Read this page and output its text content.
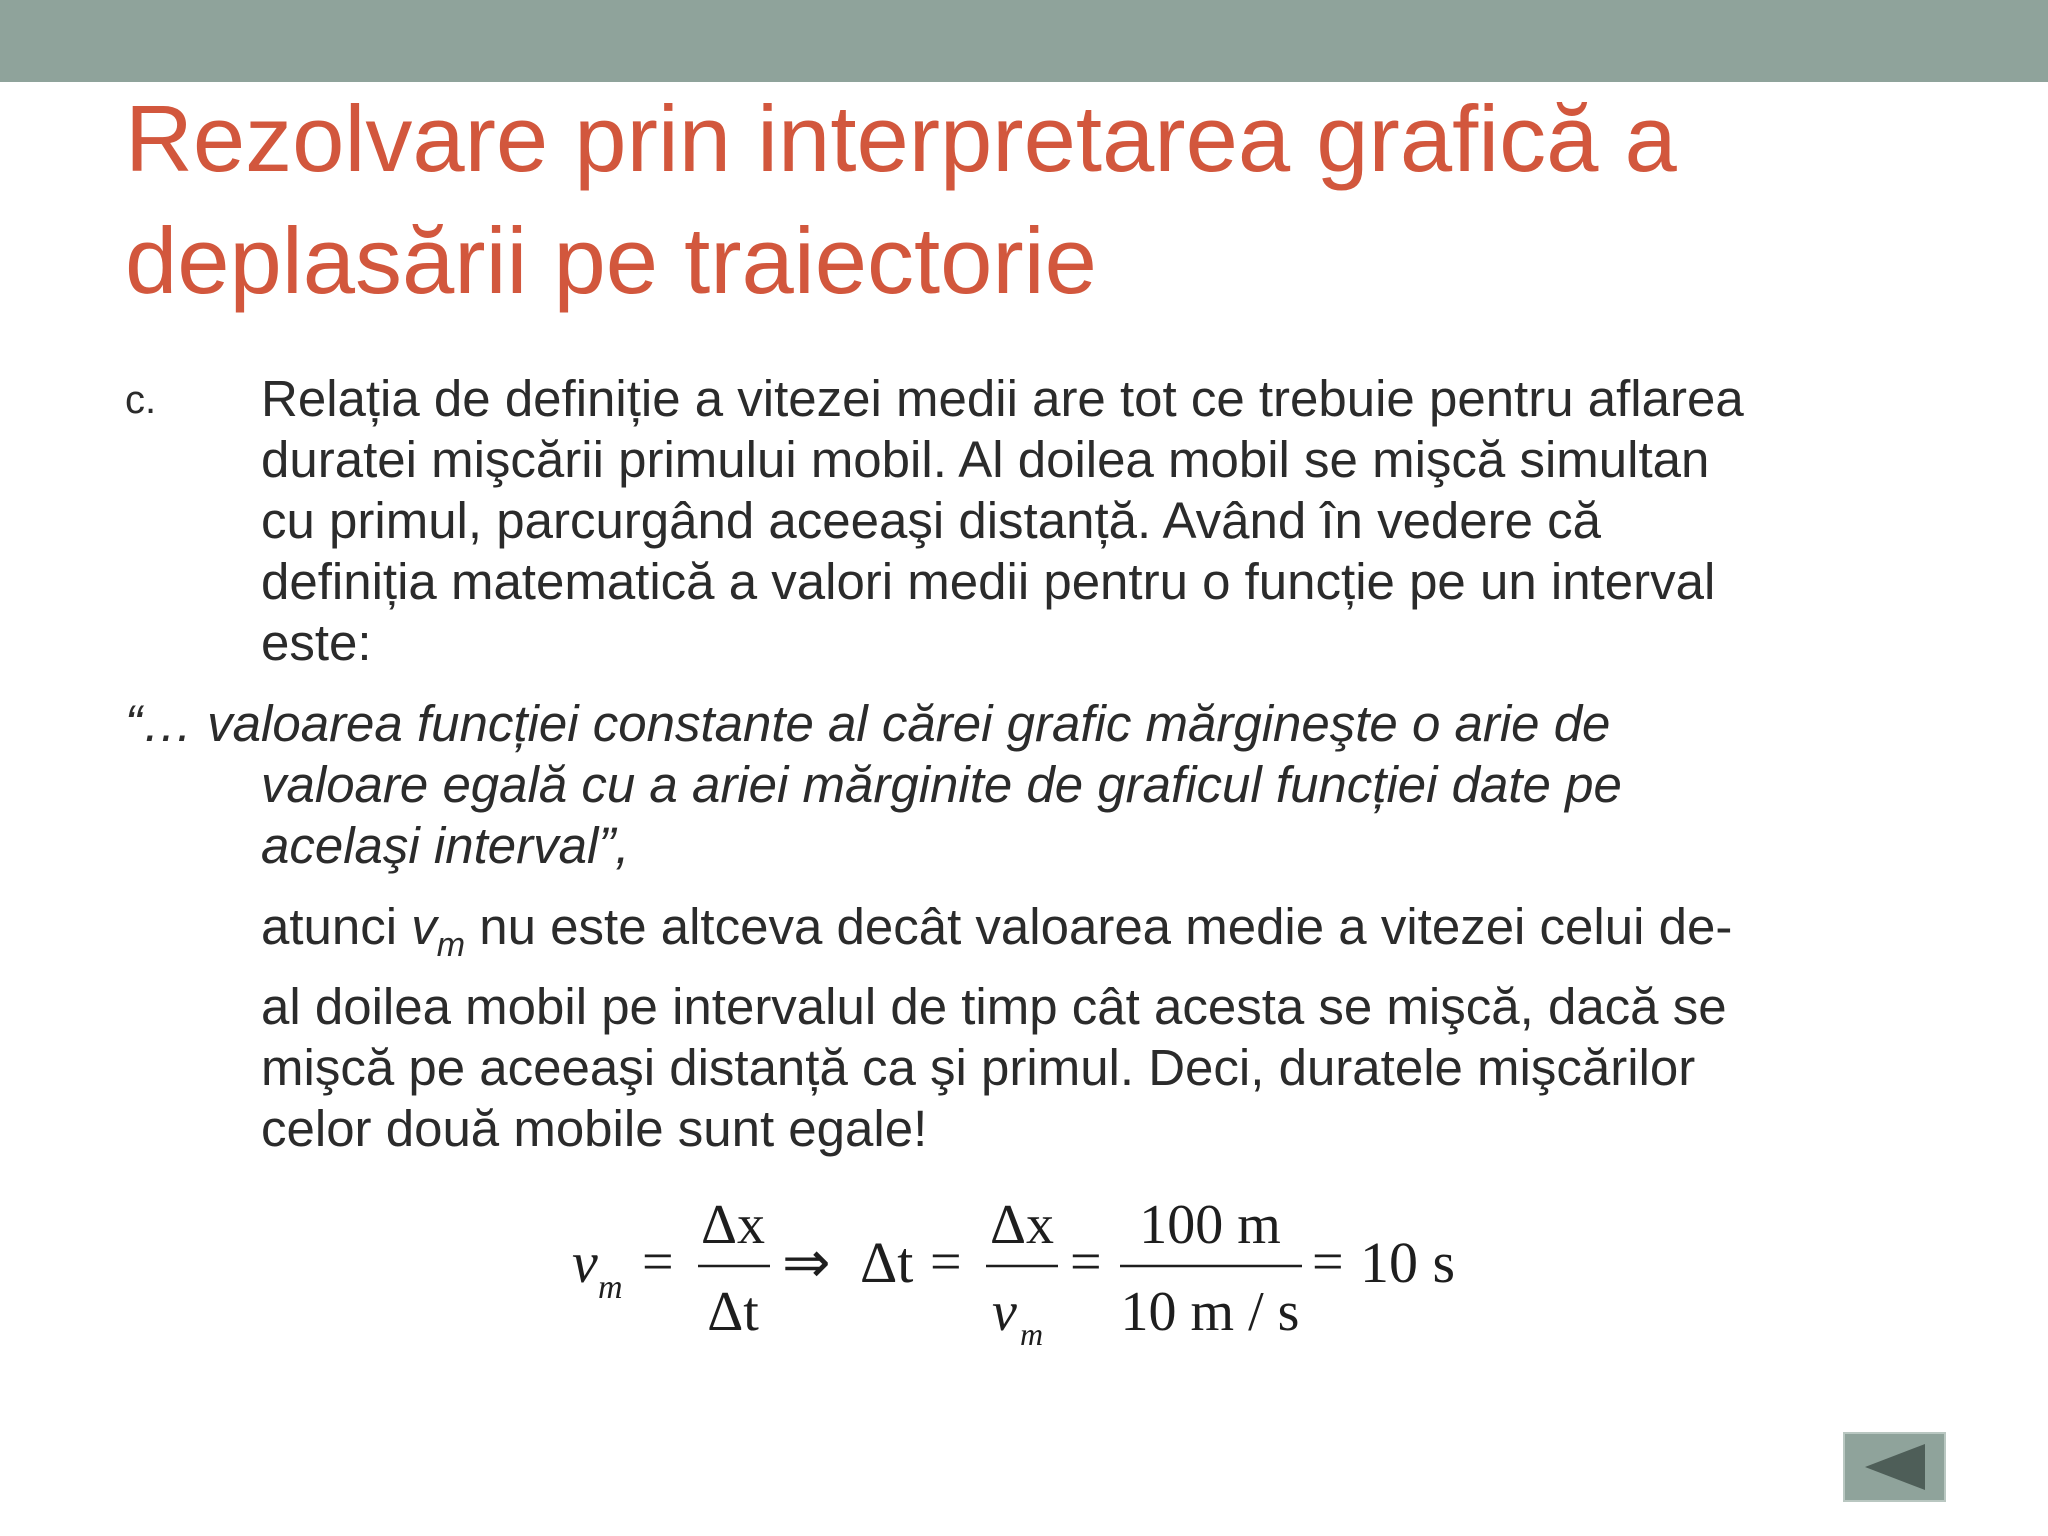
Rezolvare prin interpretarea grafică a
deplasării pe traiectorie
c. Relația de definiție a vitezei medii are tot ce trebuie pentru aflarea
duratei mişcării primului mobil. Al doilea mobil se mişcă simultan
cu primul, parcurgând aceeaşi distanță. Având în vedere că
definiția matematică a valori medii pentru o funcție pe un interval
este:
“… valoarea funcției constante al cărei grafic mărgineşte o arie de
valoare egală cu a ariei mărginite de graficul funcției date pe
acelaşi interval”,
atunci $v_m$ nu este altceva decât valoarea medie a vitezei celui de-
al doilea mobil pe intervalul de timp cât acesta se mişcă, dacă se
mişcă pe aceeaşi distanță ca şi primul. Deci, duratele mişcărilor
celor două mobile sunt egale!
v m =
Δx
Δt
⇒ Δt =
Δx
v m
=
100 m
10 m / s
= 10 s
